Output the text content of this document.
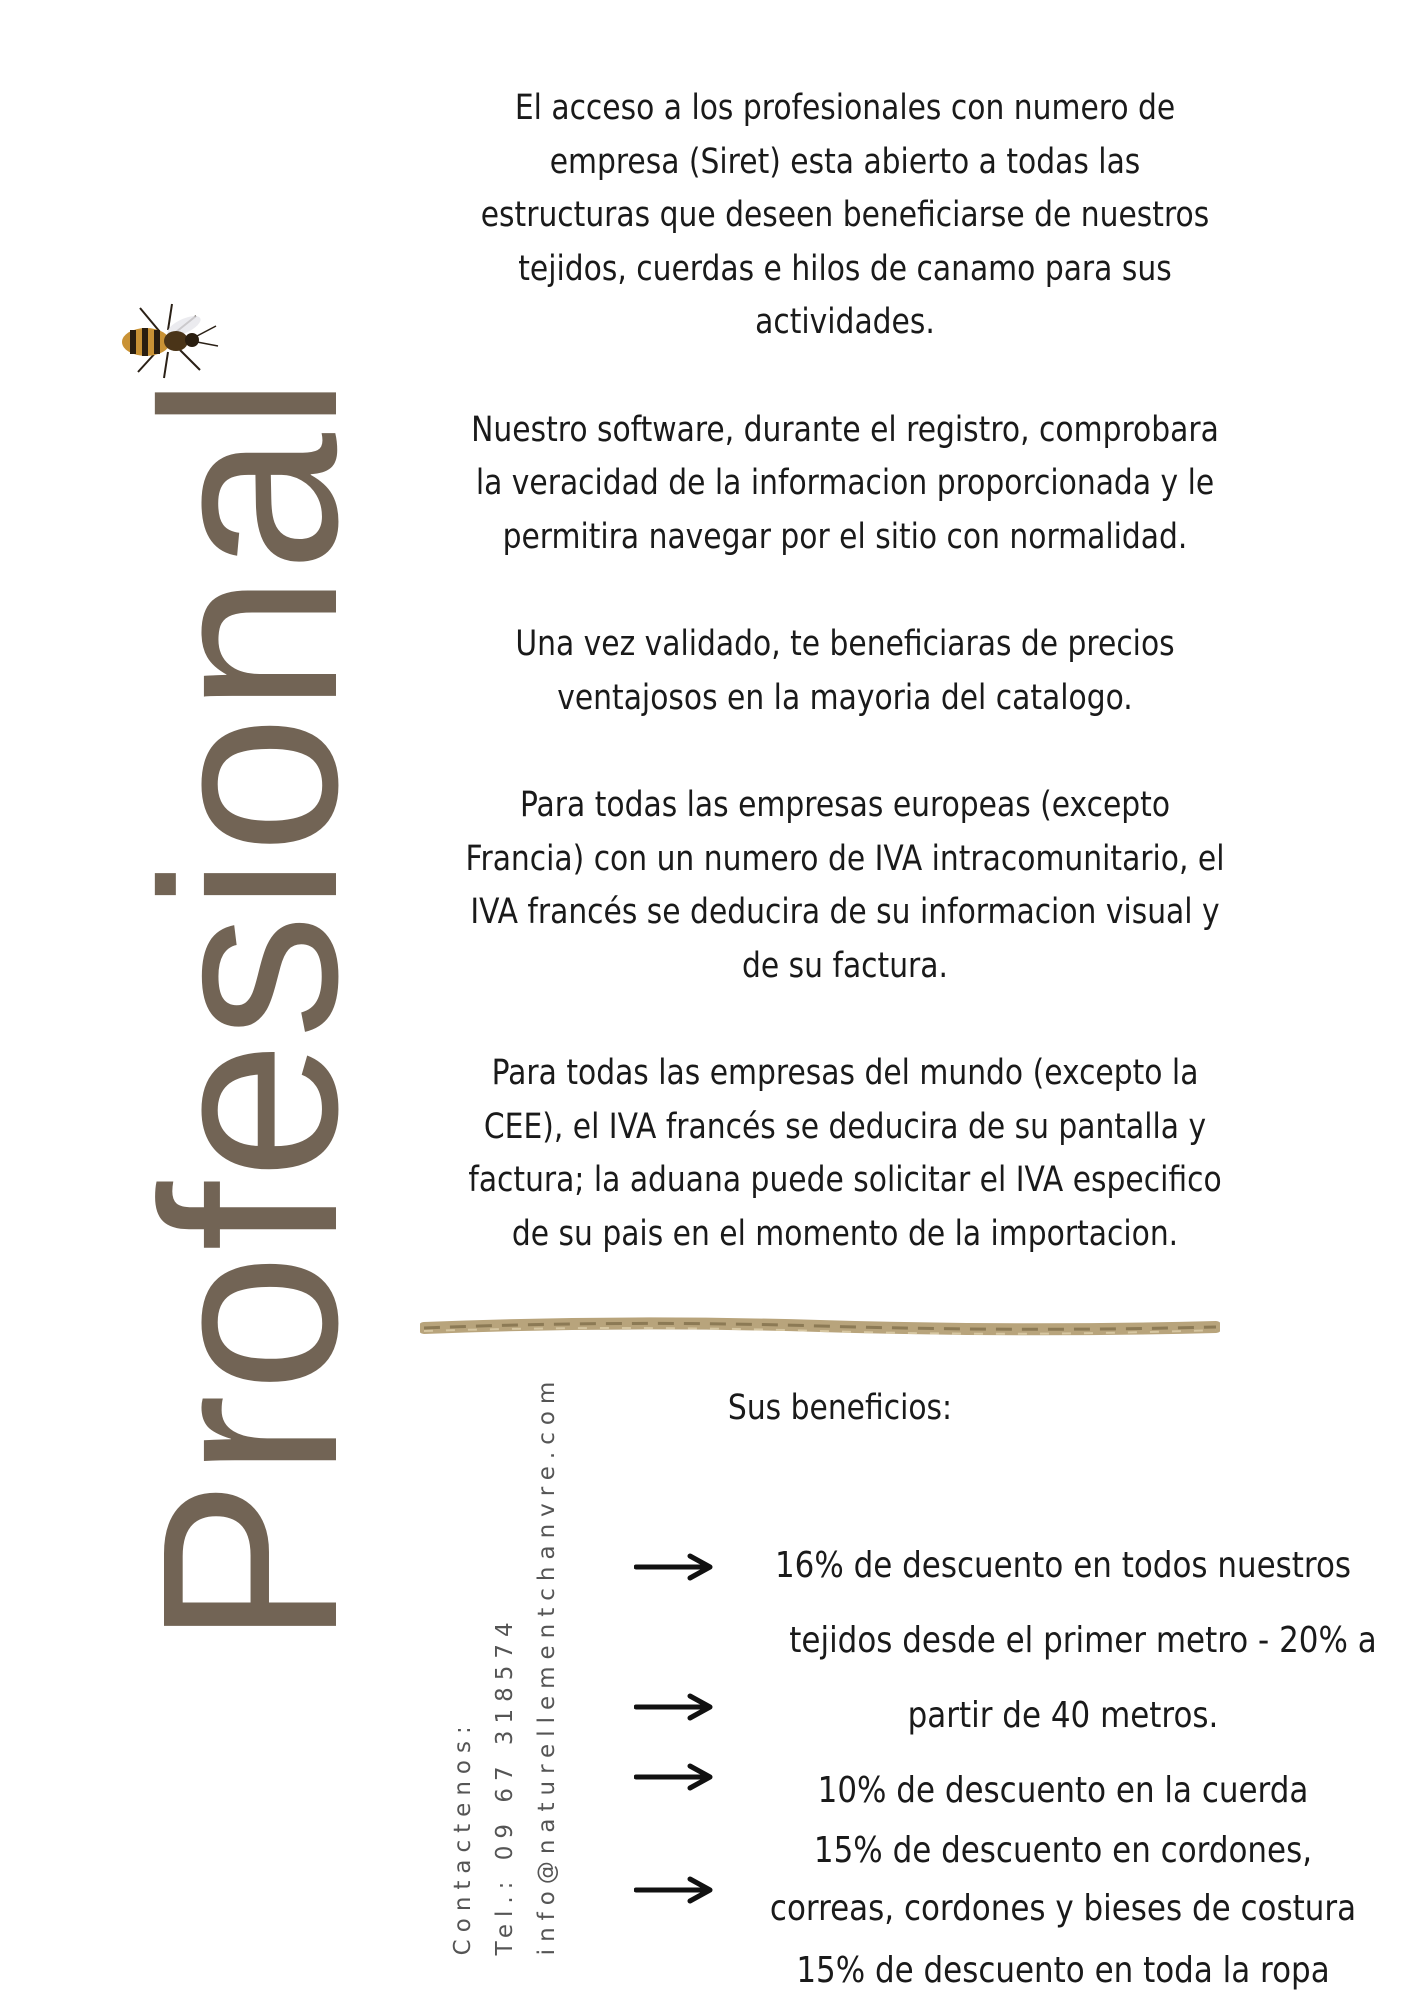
Profesional

El acceso a los profesionales con numero de empresa (Siret) esta abierto a todas las estructuras que deseen beneficiarse de nuestros tejidos, cuerdas e hilos de canamo para sus actividades.

Nuestro software, durante el registro, comprobara la veracidad de la informacion proporcionada y le permitira navegar por el sitio con normalidad.

Una vez validado, te beneficiaras de precios ventajosos en la mayoria del catalogo.

Para todas las empresas europeas (excepto Francia) con un numero de IVA intracomunitario, el IVA francés se deducira de su informacion visual y de su factura.

Para todas las empresas del mundo (excepto la CEE), el IVA francés se deducira de su pantalla y factura; la aduana puede solicitar el IVA especifico de su pais en el momento de la importacion.

Sus beneficios:
Contactenos: Tel.: 09 67 318574 info@naturellementchanvre.com	16% de descuento en todos nuestros
tejidos desde el primer metro - 20% a
partir de 40 metros.
10% de descuento en la cuerda
15% de descuento en cordones,
correas, cordones y bieses de costura
15% de descuento en toda la ropa
